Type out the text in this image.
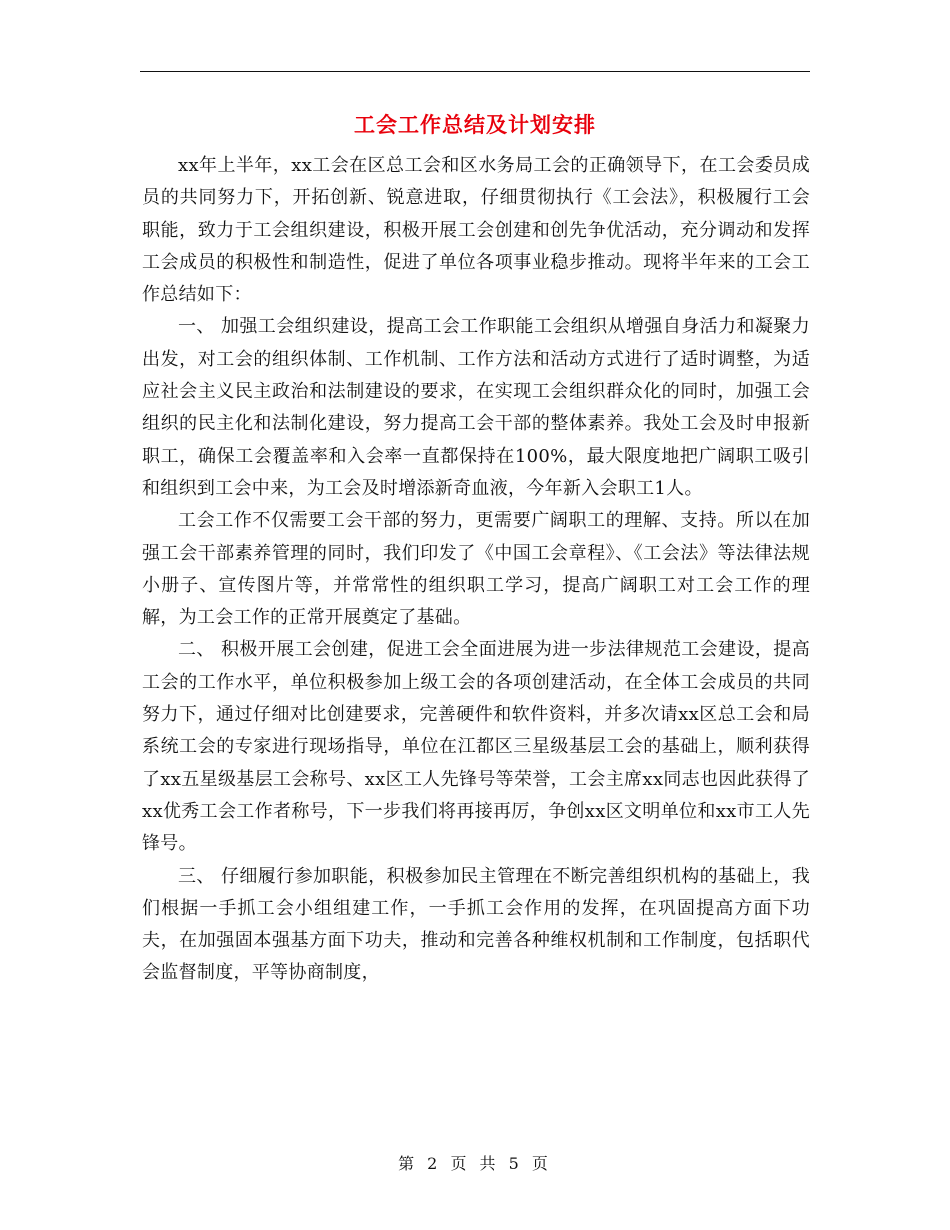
工会工作总结及计划安排

xx年上半年，xx工会在区总工会和区水务局工会的正确领导下，在工会委员成员的共同努力下，开拓创新、锐意进取，仔细贯彻执行《工会法》，积极履行工会职能，致力于工会组织建设，积极开展工会创建和创先争优活动，充分调动和发挥工会成员的积极性和制造性，促进了单位各项事业稳步推动。现将半年来的工会工作总结如下：

一、 加强工会组织建设，提高工会工作职能工会组织从增强自身活力和凝聚力出发，对工会的组织体制、工作机制、工作方法和活动方式进行了适时调整，为适应社会主义民主政治和法制建设的要求，在实现工会组织群众化的同时，加强工会组织的民主化和法制化建设，努力提高工会干部的整体素养。我处工会及时申报新职工，确保工会覆盖率和入会率一直都保持在100%，最大限度地把广阔职工吸引和组织到工会中来，为工会及时增添新奇血液，今年新入会职工1人。

工会工作不仅需要工会干部的努力，更需要广阔职工的理解、支持。所以在加强工会干部素养管理的同时，我们印发了《中国工会章程》、《工会法》等法律法规小册子、宣传图片等，并常常性的组织职工学习，提高广阔职工对工会工作的理解，为工会工作的正常开展奠定了基础。

二、 积极开展工会创建，促进工会全面进展为进一步法律规范工会建设，提高工会的工作水平，单位积极参加上级工会的各项创建活动，在全体工会成员的共同努力下，通过仔细对比创建要求，完善硬件和软件资料，并多次请xx区总工会和局系统工会的专家进行现场指导，单位在江都区三星级基层工会的基础上，顺利获得了xx五星级基层工会称号、xx区工人先锋号等荣誉，工会主席xx同志也因此获得了xx优秀工会工作者称号，下一步我们将再接再厉，争创xx区文明单位和xx市工人先锋号。

三、 仔细履行参加职能，积极参加民主管理在不断完善组织机构的基础上，我们根据一手抓工会小组组建工作，一手抓工会作用的发挥，在巩固提高方面下功夫，在加强固本强基方面下功夫，推动和完善各种维权机制和工作制度，包括职代会监督制度，平等协商制度，

第 2 页 共 5 页
